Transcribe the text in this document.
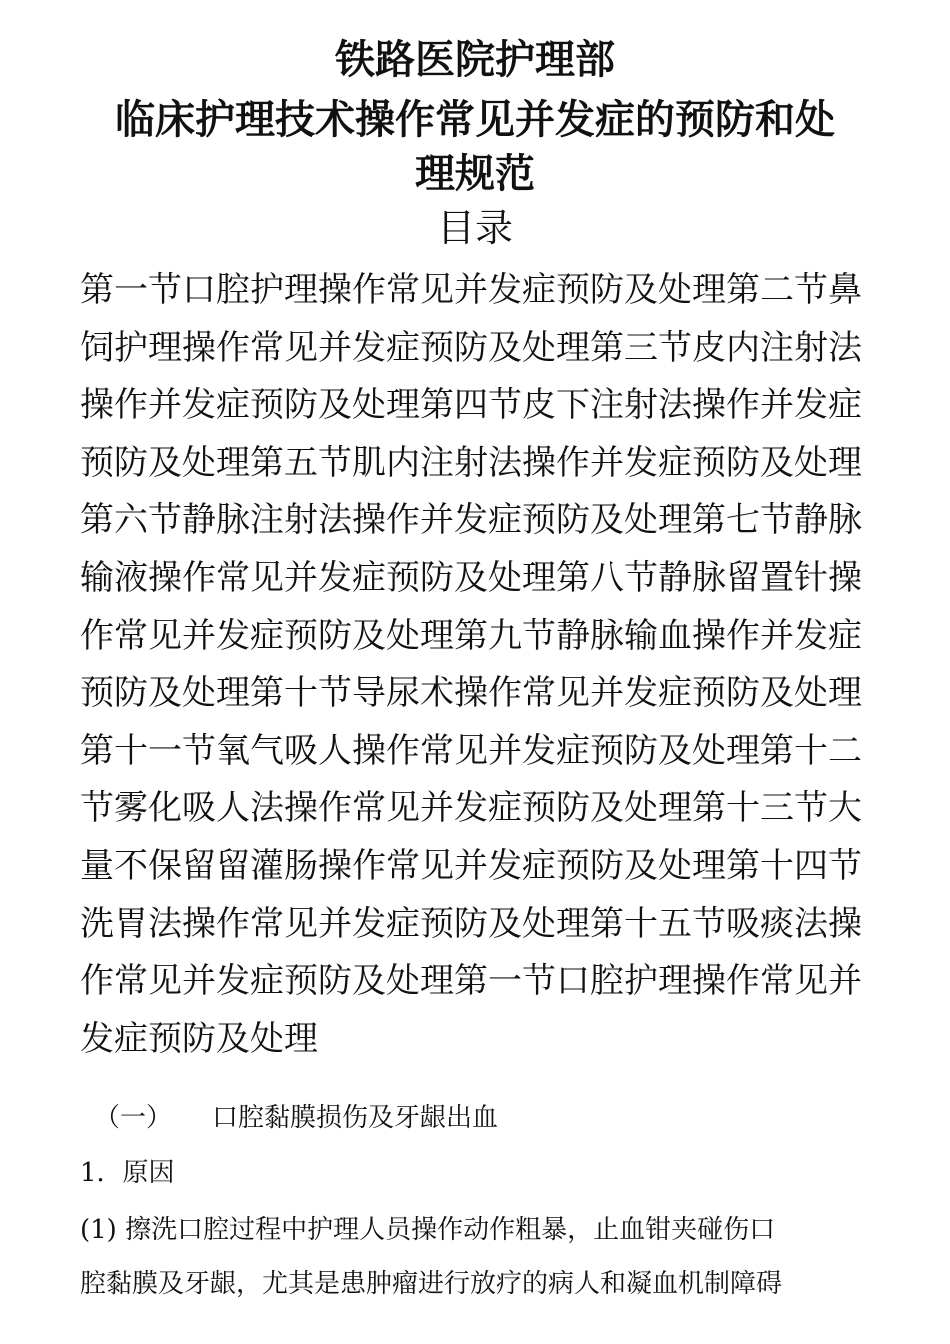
铁路医院护理部
临床护理技术操作常见并发症的预防和处
理规范
目录
第一节口腔护理操作常见并发症预防及处理第二节鼻
饲护理操作常见并发症预防及处理第三节皮内注射法
操作并发症预防及处理第四节皮下注射法操作并发症
预防及处理第五节肌内注射法操作并发症预防及处理
第六节静脉注射法操作并发症预防及处理第七节静脉
输液操作常见并发症预防及处理第八节静脉留置针操
作常见并发症预防及处理第九节静脉输血操作并发症
预防及处理第十节导尿术操作常见并发症预防及处理
第十一节氧气吸人操作常见并发症预防及处理第十二
节雾化吸人法操作常见并发症预防及处理第十三节大
量不保留留灌肠操作常见并发症预防及处理第十四节
洗胃法操作常见并发症预防及处理第十五节吸痰法操
作常见并发症预防及处理第一节口腔护理操作常见并
发症预防及处理
（一） 口腔黏膜损伤及牙龈出血
1．原因
(1) 擦洗口腔过程中护理人员操作动作粗暴，止血钳夹碰伤口
腔黏膜及牙龈，尤其是患肿瘤进行放疗的病人和凝血机制障碍
